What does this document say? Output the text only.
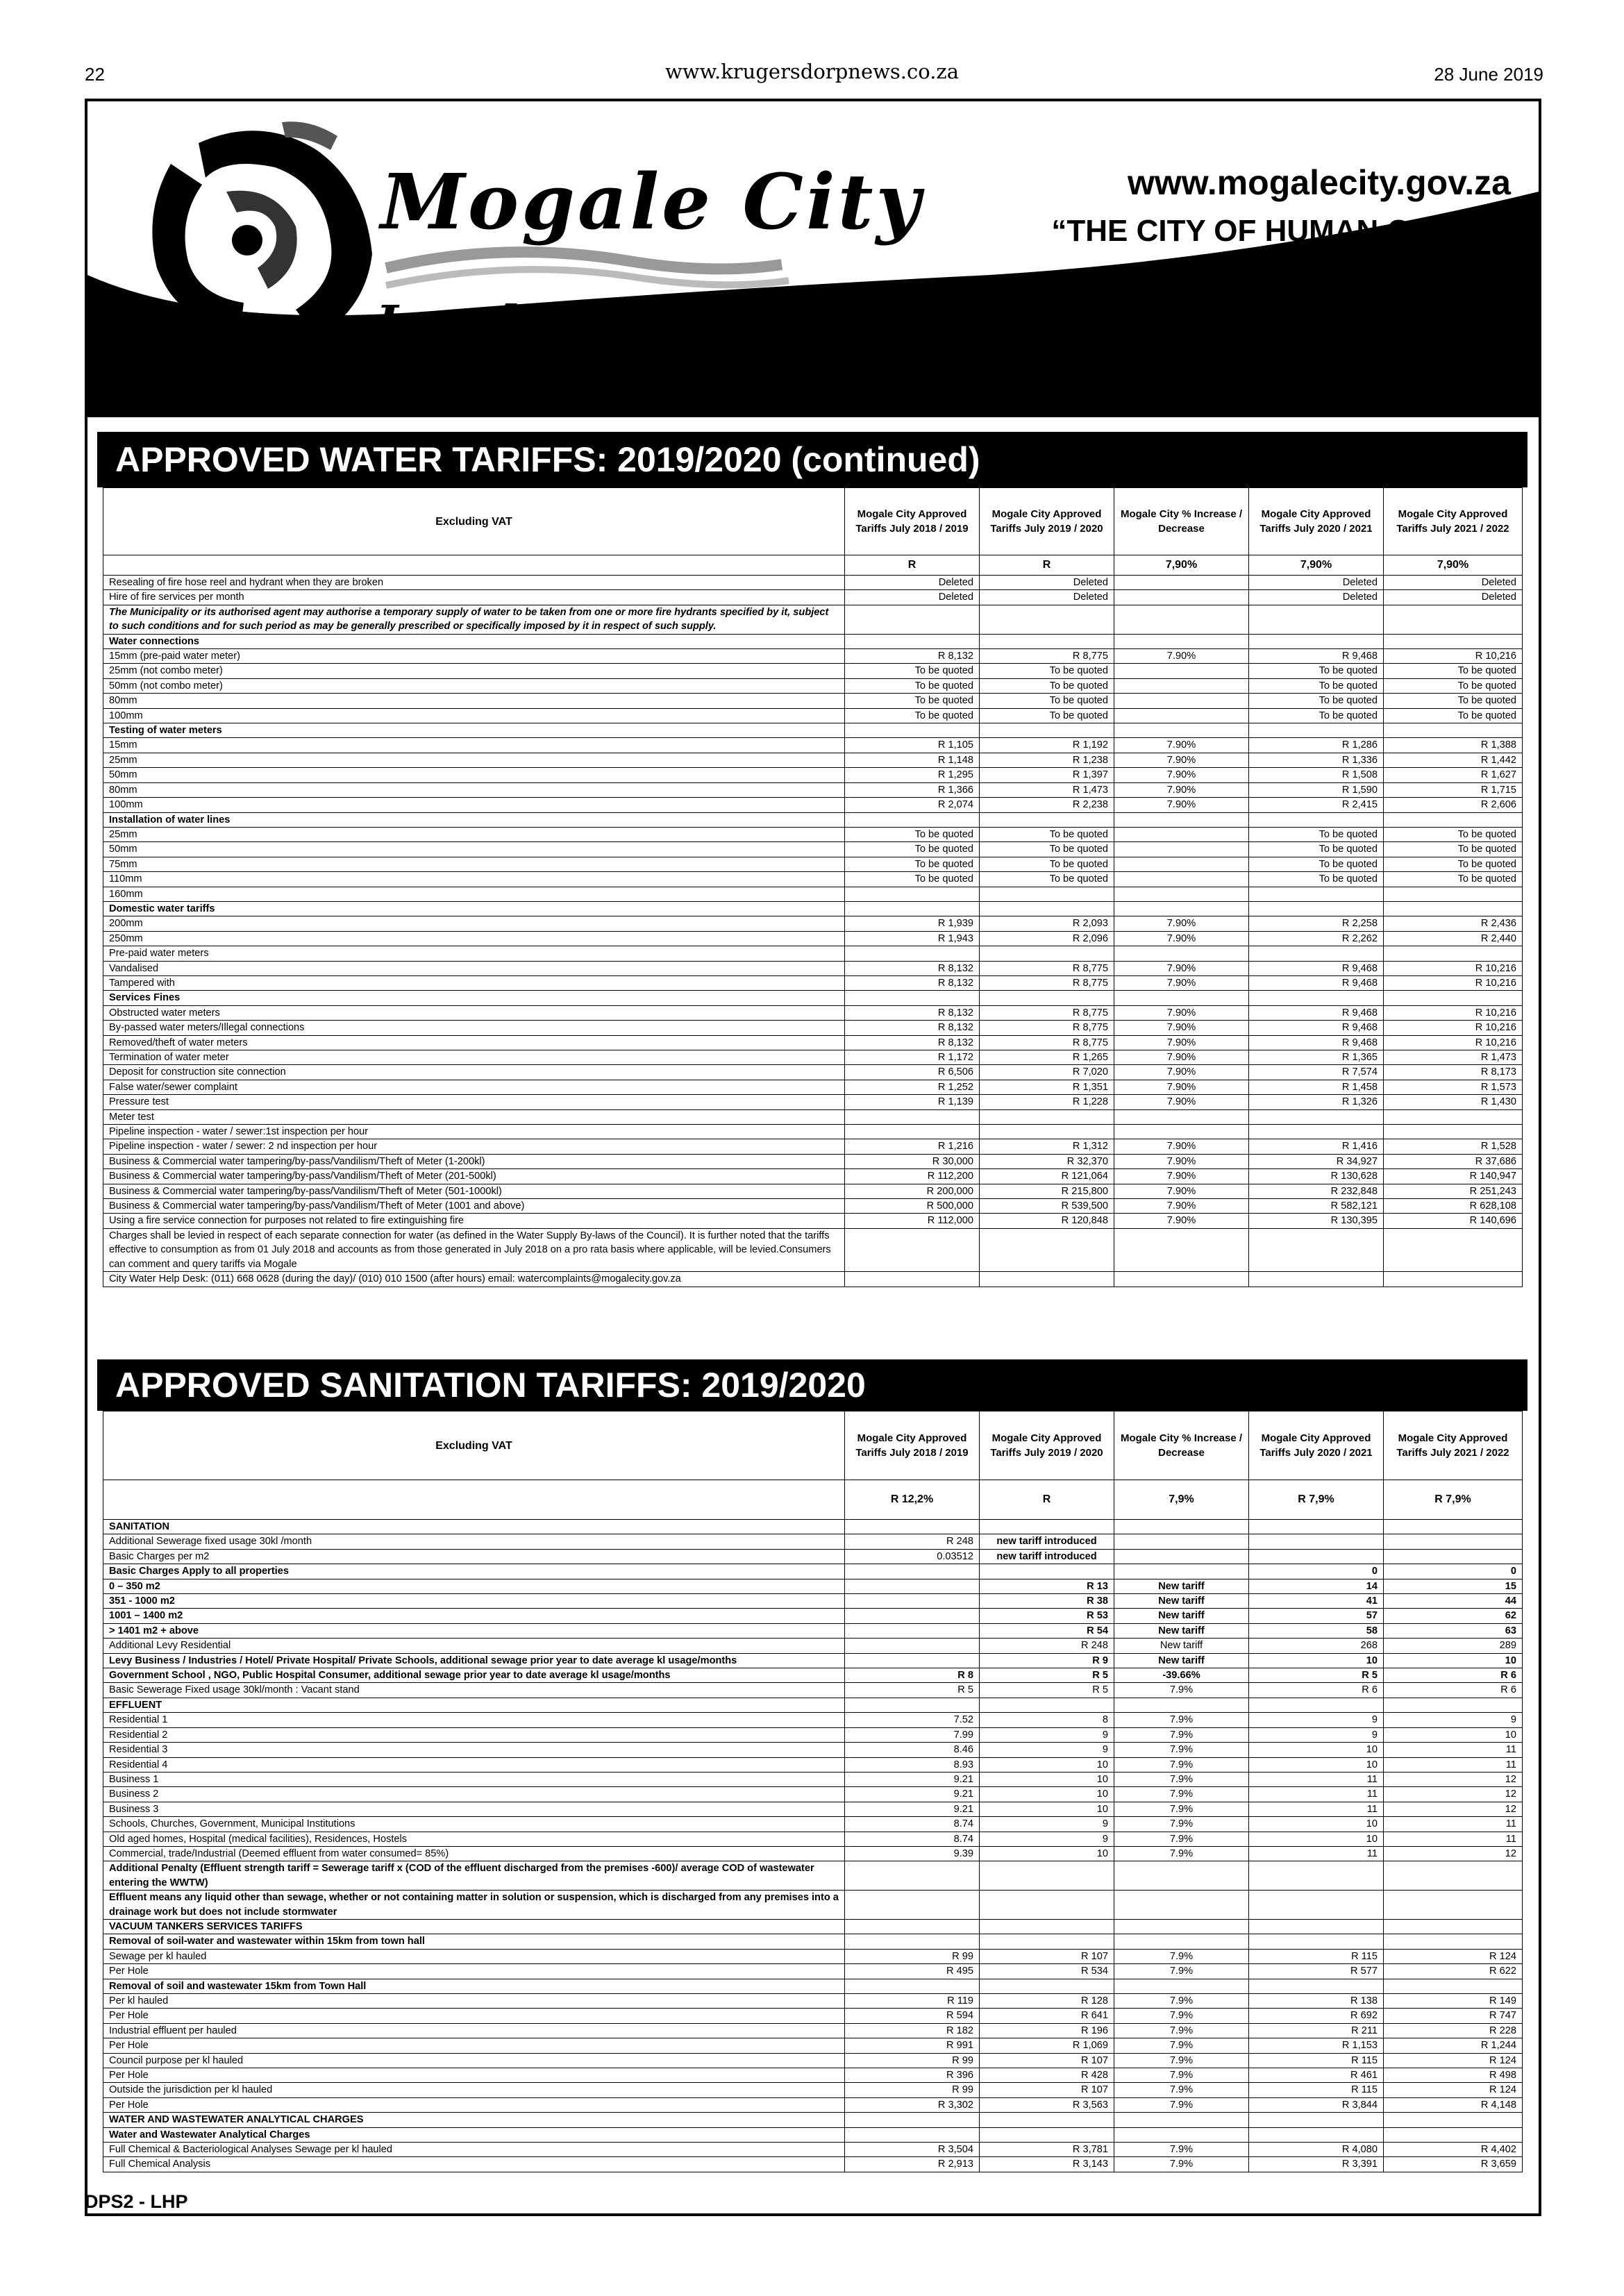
22	www.krugersdorpnews.co.za	28 June 2019
Mogale City
Local Municipality
www.mogalecity.gov.za
“THE CITY OF HUMAN ORIGIN”
APPROVED WATER TARIFFS: 2019/2020 (continued)
Excluding VAT	Mogale City Approved Tariffs July 2018 / 2019	Mogale City Approved Tariffs July 2019 / 2020	Mogale City % Increase / Decrease	Mogale City Approved Tariffs July 2020 / 2021	Mogale City Approved Tariffs July 2021 / 2022
	R	R	7,90%	7,90%	7,90%
Resealing of fire hose reel and hydrant when they are broken	Deleted	Deleted		Deleted	Deleted
Hire of fire services per month	Deleted	Deleted		Deleted	Deleted
The Municipality or its authorised agent may authorise a temporary supply of water to be taken from one or more fire hydrants specified by it, subject to such conditions and for such period as may be generally prescribed or specifically imposed by it in respect of such supply.					
Water connections					
15mm (pre-paid water meter)	R 8,132	R 8,775	7.90%	R 9,468	R 10,216
25mm (not combo meter)	To be quoted	To be quoted		To be quoted	To be quoted
50mm (not combo meter)	To be quoted	To be quoted		To be quoted	To be quoted
80mm	To be quoted	To be quoted		To be quoted	To be quoted
100mm	To be quoted	To be quoted		To be quoted	To be quoted
Testing of water meters					
15mm	R 1,105	R 1,192	7.90%	R 1,286	R 1,388
25mm	R 1,148	R 1,238	7.90%	R 1,336	R 1,442
50mm	R 1,295	R 1,397	7.90%	R 1,508	R 1,627
80mm	R 1,366	R 1,473	7.90%	R 1,590	R 1,715
100mm	R 2,074	R 2,238	7.90%	R 2,415	R 2,606
Installation of water lines					
25mm	To be quoted	To be quoted		To be quoted	To be quoted
50mm	To be quoted	To be quoted		To be quoted	To be quoted
75mm	To be quoted	To be quoted		To be quoted	To be quoted
110mm	To be quoted	To be quoted		To be quoted	To be quoted
160mm					
Domestic water tariffs					
200mm	R 1,939	R 2,093	7.90%	R 2,258	R 2,436
250mm	R 1,943	R 2,096	7.90%	R 2,262	R 2,440
Pre-paid water meters					
Vandalised	R 8,132	R 8,775	7.90%	R 9,468	R 10,216
Tampered with	R 8,132	R 8,775	7.90%	R 9,468	R 10,216
Services Fines					
Obstructed water meters	R 8,132	R 8,775	7.90%	R 9,468	R 10,216
By-passed water meters/Illegal connections	R 8,132	R 8,775	7.90%	R 9,468	R 10,216
Removed/theft of water meters	R 8,132	R 8,775	7.90%	R 9,468	R 10,216
Termination of water meter	R 1,172	R 1,265	7.90%	R 1,365	R 1,473
Deposit for construction site connection	R 6,506	R 7,020	7.90%	R 7,574	R 8,173
False water/sewer complaint	R 1,252	R 1,351	7.90%	R 1,458	R 1,573
Pressure test	R 1,139	R 1,228	7.90%	R 1,326	R 1,430
Meter test					
Pipeline inspection - water / sewer:1st inspection per hour					
Pipeline inspection - water / sewer: 2 nd inspection per hour	R 1,216	R 1,312	7.90%	R 1,416	R 1,528
Business & Commercial water tampering/by-pass/Vandilism/Theft of Meter (1-200kl)	R 30,000	R 32,370	7.90%	R 34,927	R 37,686
Business & Commercial water tampering/by-pass/Vandilism/Theft of Meter (201-500kl)	R 112,200	R 121,064	7.90%	R 130,628	R 140,947
Business & Commercial water tampering/by-pass/Vandilism/Theft of Meter (501-1000kl)	R 200,000	R 215,800	7.90%	R 232,848	R 251,243
Business & Commercial water tampering/by-pass/Vandilism/Theft of Meter (1001 and above)	R 500,000	R 539,500	7.90%	R 582,121	R 628,108
Using a fire service connection for purposes not related to fire extinguishing fire	R 112,000	R 120,848	7.90%	R 130,395	R 140,696
Charges shall be levied in respect of each separate connection for water (as defined in the Water Supply By-laws of the Council). It is further noted that the tariffs effective to consumption as from 01 July 2018 and accounts as from those generated in July 2018 on a pro rata basis where applicable, will be levied.Consumers can comment and query tariffs via Mogale					
City Water Help Desk: (011) 668 0628 (during the day)/ (010) 010 1500 (after hours) email: watercomplaints@mogalecity.gov.za					
APPROVED SANITATION TARIFFS: 2019/2020
Excluding VAT	Mogale City Approved Tariffs July 2018 / 2019	Mogale City Approved Tariffs July 2019 / 2020	Mogale City % Increase / Decrease	Mogale City Approved Tariffs July 2020 / 2021	Mogale City Approved Tariffs July 2021 / 2022
	R 12,2%	R	7,9%	R 7,9%	R 7,9%
SANITATION					
Additional Sewerage fixed usage 30kl /month	R 248	new tariff introduced			
Basic Charges per m2	0.03512	new tariff introduced			
Basic Charges Apply to all properties				0	0
0 – 350 m2		R 13	New tariff	14	15
351 - 1000 m2		R 38	New tariff	41	44
1001 – 1400 m2		R 53	New tariff	57	62
> 1401 m2 + above		R 54	New tariff	58	63
Additional Levy Residential		R 248	New tariff	268	289
Levy Business / Industries / Hotel/ Private Hospital/ Private Schools, additional sewage prior year to date average kl usage/months		R 9	New tariff	10	10
Government School , NGO, Public Hospital Consumer, additional sewage prior year to date average kl usage/months	R 8	R 5	-39.66%	R 5	R 6
Basic Sewerage Fixed usage 30kl/month : Vacant stand	R 5	R 5	7.9%	R 6	R 6
EFFLUENT					
Residential 1	7.52	8	7.9%	9	9
Residential 2	7.99	9	7.9%	9	10
Residential 3	8.46	9	7.9%	10	11
Residential 4	8.93	10	7.9%	10	11
Business 1	9.21	10	7.9%	11	12
Business 2	9.21	10	7.9%	11	12
Business 3	9.21	10	7.9%	11	12
Schools, Churches, Government, Municipal Institutions	8.74	9	7.9%	10	11
Old aged homes, Hospital (medical facilities), Residences, Hostels	8.74	9	7.9%	10	11
Commercial, trade/Industrial (Deemed effluent from water consumed= 85%)	9.39	10	7.9%	11	12
Additional Penalty (Effluent strength tariff = Sewerage tariff x (COD of the effluent discharged from the premises -600)/ average COD of wastewater entering the WWTW)					
Effluent means any liquid other than sewage, whether or not containing matter in solution or suspension, which is discharged from any premises into a drainage work but does not include stormwater					
VACUUM TANKERS SERVICES TARIFFS					
Removal of soil-water and wastewater within 15km from town hall					
Sewage per kl hauled	R 99	R 107	7.9%	R 115	R 124
Per Hole	R 495	R 534	7.9%	R 577	R 622
Removal of soil and wastewater 15km from Town Hall					
Per kl hauled	R 119	R 128	7.9%	R 138	R 149
Per Hole	R 594	R 641	7.9%	R 692	R 747
Industrial effluent per hauled	R 182	R 196	7.9%	R 211	R 228
Per Hole	R 991	R 1,069	7.9%	R 1,153	R 1,244
Council purpose per kl hauled	R 99	R 107	7.9%	R 115	R 124
Per Hole	R 396	R 428	7.9%	R 461	R 498
Outside the jurisdiction per kl hauled	R 99	R 107	7.9%	R 115	R 124
Per Hole	R 3,302	R 3,563	7.9%	R 3,844	R 4,148
WATER AND WASTEWATER ANALYTICAL CHARGES					
Water and Wastewater Analytical Charges					
Full Chemical & Bacteriological Analyses Sewage per kl hauled	R 3,504	R 3,781	7.9%	R 4,080	R 4,402
Full Chemical Analysis	R 2,913	R 3,143	7.9%	R 3,391	R 3,659
DPS2 - LHP
